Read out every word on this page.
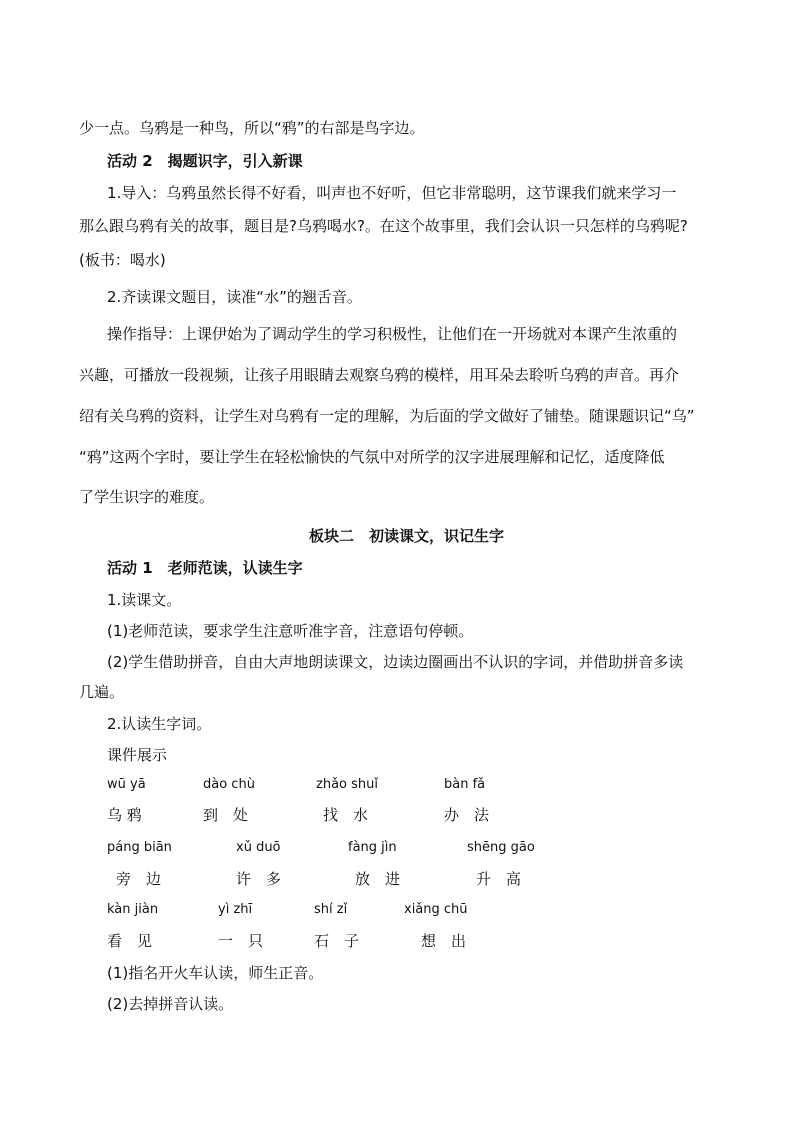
少一点。乌鸦是一种鸟，所以“鸦”的右部是鸟字边。
活动 2　揭题识字，引入新课
1.导入：乌鸦虽然长得不好看，叫声也不好听，但它非常聪明，这节课我们就来学习一
那么跟乌鸦有关的故事，题目是?乌鸦喝水?。在这个故事里，我们会认识一只怎样的乌鸦呢?
(板书：喝水)
2.齐读课文题目，读准“水”的翘舌音。
操作指导：上课伊始为了调动学生的学习积极性，让他们在一开场就对本课产生浓重的
兴趣，可播放一段视频，让孩子用眼睛去观察乌鸦的模样，用耳朵去聆听乌鸦的声音。再介
绍有关乌鸦的资料，让学生对乌鸦有一定的理解，为后面的学文做好了铺垫。随课题识记“乌”
“鸦”这两个字时，要让学生在轻松愉快的气氛中对所学的汉字进展理解和记忆，适度降低
了学生识字的难度。
板块二　初读课文，识记生字
活动 1　老师范读，认读生字
1.读课文。
(1)老师范读，要求学生注意听准字音，注意语句停顿。
(2)学生借助拼音，自由大声地朗读课文，边读边圈画出不认识的字词，并借助拼音多读
几遍。
2.认读生字词。
课件展示
wū yā	dào chù	zhǎo shuǐ	bàn fǎ
乌 鸦	到　处	找　水	办　法
páng biān	xǔ duō	fàng jìn	shēng gāo
旁　边	许　多	放　进	升　高
kàn jiàn	yì zhī	shí zǐ	xiǎng chū
看　见	一　只	石　子	想　出
(1)指名开火车认读，师生正音。
(2)去掉拼音认读。
